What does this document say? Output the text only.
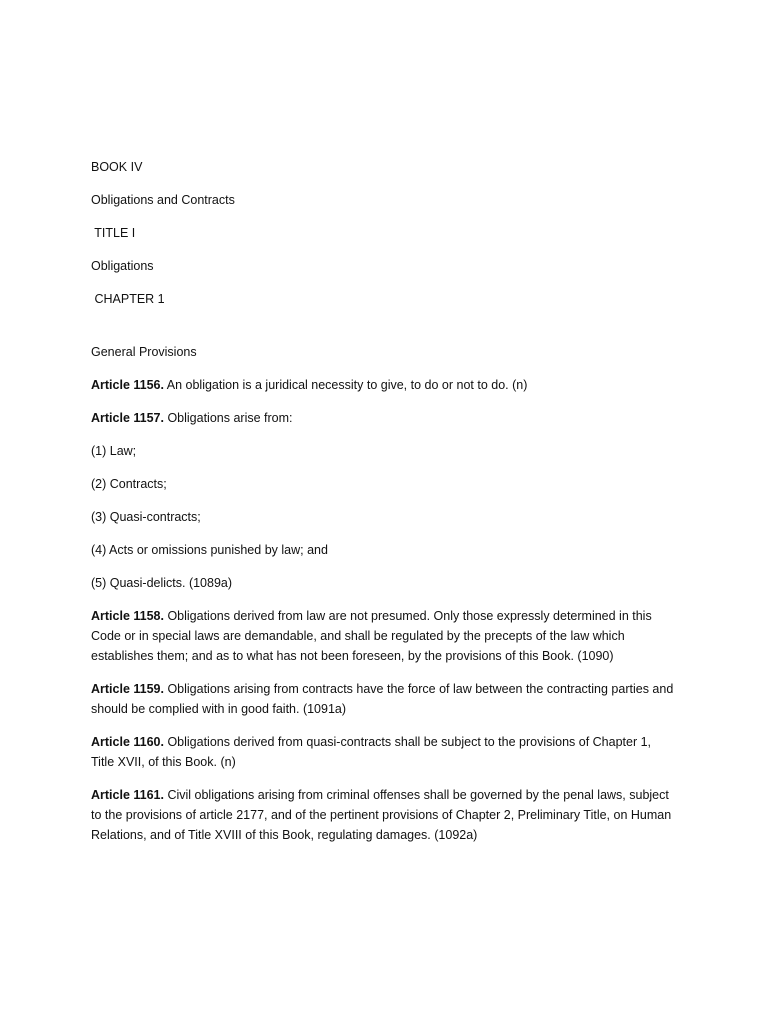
BOOK IV

Obligations and Contracts

TITLE I

Obligations

CHAPTER 1

General Provisions

Article 1156. An obligation is a juridical necessity to give, to do or not to do. (n)

Article 1157. Obligations arise from:

(1) Law;

(2) Contracts;

(3) Quasi-contracts;

(4) Acts or omissions punished by law; and

(5) Quasi-delicts. (1089a)

Article 1158. Obligations derived from law are not presumed. Only those expressly determined in this Code or in special laws are demandable, and shall be regulated by the precepts of the law which establishes them; and as to what has not been foreseen, by the provisions of this Book. (1090)

Article 1159. Obligations arising from contracts have the force of law between the contracting parties and should be complied with in good faith. (1091a)

Article 1160. Obligations derived from quasi-contracts shall be subject to the provisions of Chapter 1, Title XVII, of this Book. (n)

Article 1161. Civil obligations arising from criminal offenses shall be governed by the penal laws, subject to the provisions of article 2177, and of the pertinent provisions of Chapter 2, Preliminary Title, on Human Relations, and of Title XVIII of this Book, regulating damages. (1092a)
